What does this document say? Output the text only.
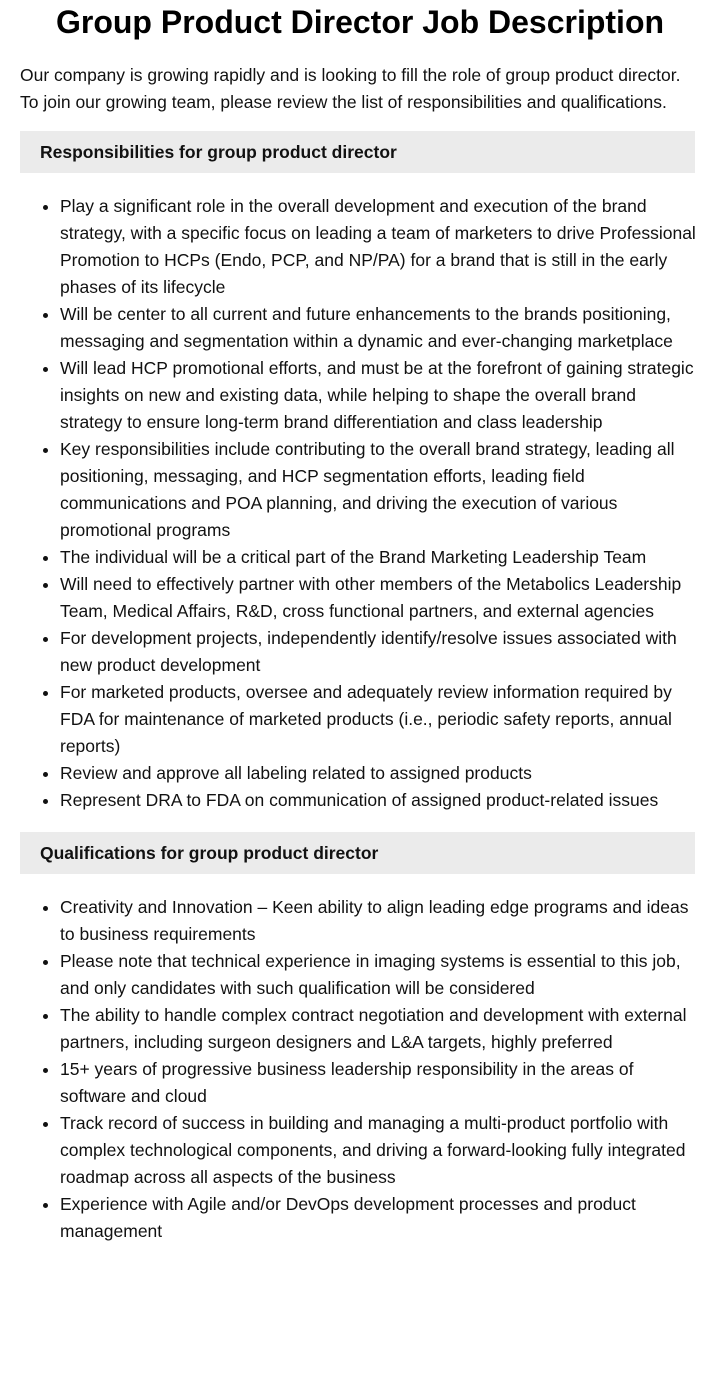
Group Product Director Job Description

Our company is growing rapidly and is looking to fill the role of group product director. To join our growing team, please review the list of responsibilities and qualifications.

Responsibilities for group product director
• Play a significant role in the overall development and execution of the brand strategy, with a specific focus on leading a team of marketers to drive Professional Promotion to HCPs (Endo, PCP, and NP/PA) for a brand that is still in the early phases of its lifecycle
• Will be center to all current and future enhancements to the brands positioning, messaging and segmentation within a dynamic and ever-changing marketplace
• Will lead HCP promotional efforts, and must be at the forefront of gaining strategic insights on new and existing data, while helping to shape the overall brand strategy to ensure long-term brand differentiation and class leadership
• Key responsibilities include contributing to the overall brand strategy, leading all positioning, messaging, and HCP segmentation efforts, leading field communications and POA planning, and driving the execution of various promotional programs
• The individual will be a critical part of the Brand Marketing Leadership Team
• Will need to effectively partner with other members of the Metabolics Leadership Team, Medical Affairs, R&D, cross functional partners, and external agencies
• For development projects, independently identify/resolve issues associated with new product development
• For marketed products, oversee and adequately review information required by FDA for maintenance of marketed products (i.e., periodic safety reports, annual reports)
• Review and approve all labeling related to assigned products
• Represent DRA to FDA on communication of assigned product-related issues
Qualifications for group product director
• Creativity and Innovation – Keen ability to align leading edge programs and ideas to business requirements
• Please note that technical experience in imaging systems is essential to this job, and only candidates with such qualification will be considered
• The ability to handle complex contract negotiation and development with external partners, including surgeon designers and L&A targets, highly preferred
• 15+ years of progressive business leadership responsibility in the areas of software and cloud
• Track record of success in building and managing a multi-product portfolio with complex technological components, and driving a forward-looking fully integrated roadmap across all aspects of the business
• Experience with Agile and/or DevOps development processes and product management
